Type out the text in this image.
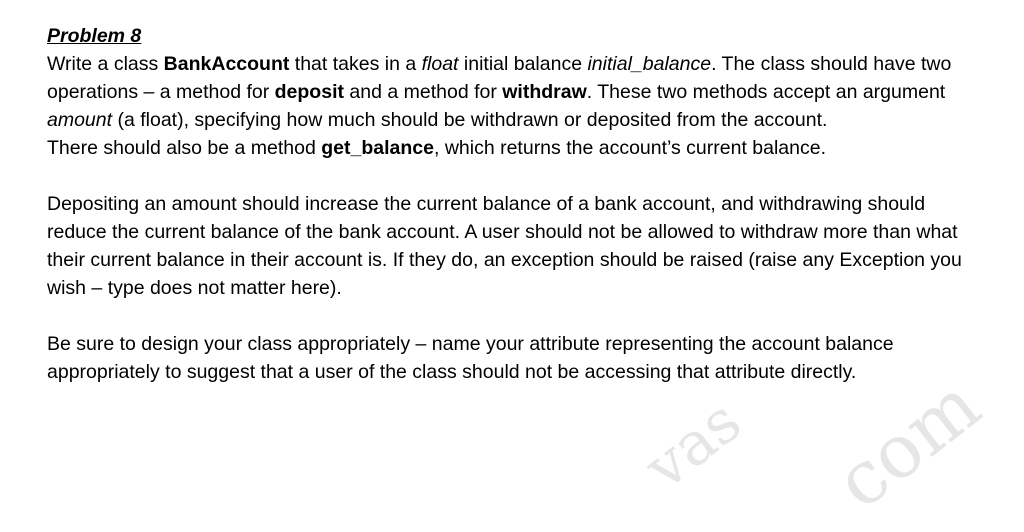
Problem 8

Write a class BankAccount that takes in a float initial balance initial_balance. The class should have two operations – a method for deposit and a method for withdraw. These two methods accept an argument amount (a float), specifying how much should be withdrawn or deposited from the account.

There should also be a method get_balance, which returns the account’s current balance.

Depositing an amount should increase the current balance of a bank account, and withdrawing should reduce the current balance of the bank account. A user should not be allowed to withdraw more than what their current balance in their account is. If they do, an exception should be raised (raise any Exception you wish – type does not matter here).

Be sure to design your class appropriately – name your attribute representing the account balance appropriately to suggest that a user of the class should not be accessing that attribute directly.

vas com
